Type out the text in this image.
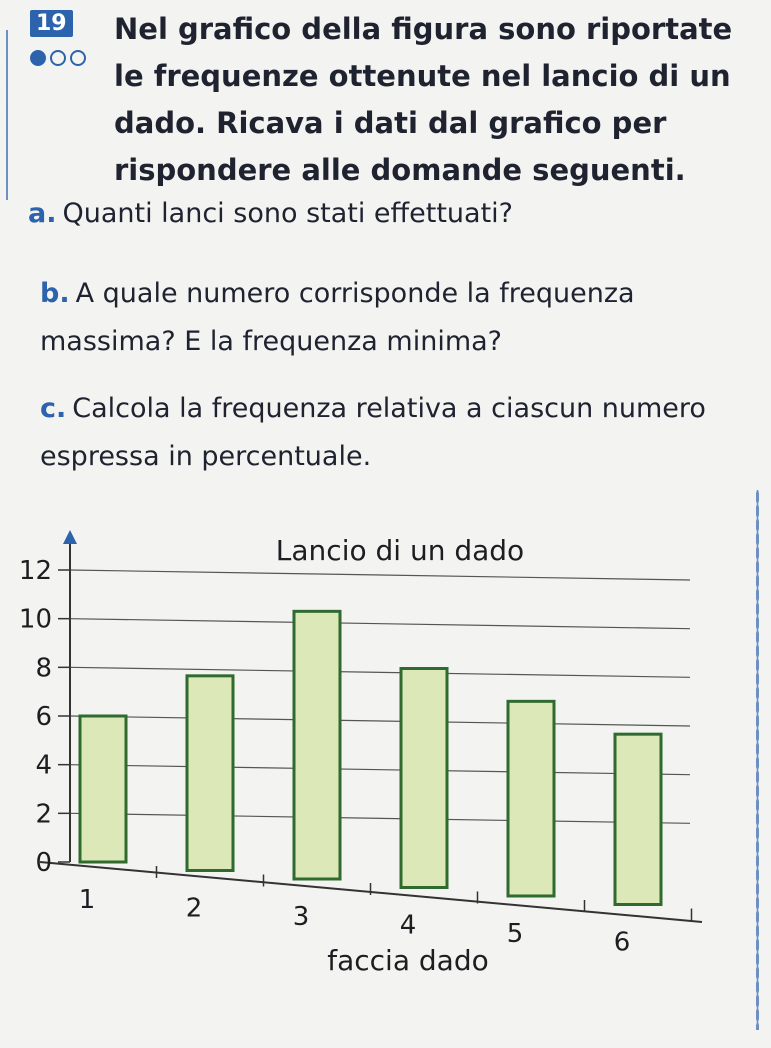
19 Nel grafico della figura sono riportate le frequenze ottenute nel lancio di un dado. Ricava i dati dal grafico per rispondere alle domande seguenti.
a. Quanti lanci sono stati effettuati?
b. A quale numero corrisponde la frequenza massima? E la frequenza minima?
c. Calcola la frequenza relativa a ciascun numero espressa in percentuale.
0
2
4
6
8
10
12
1	2	3	4	5	6
Lancio di un dado
faccia dado
